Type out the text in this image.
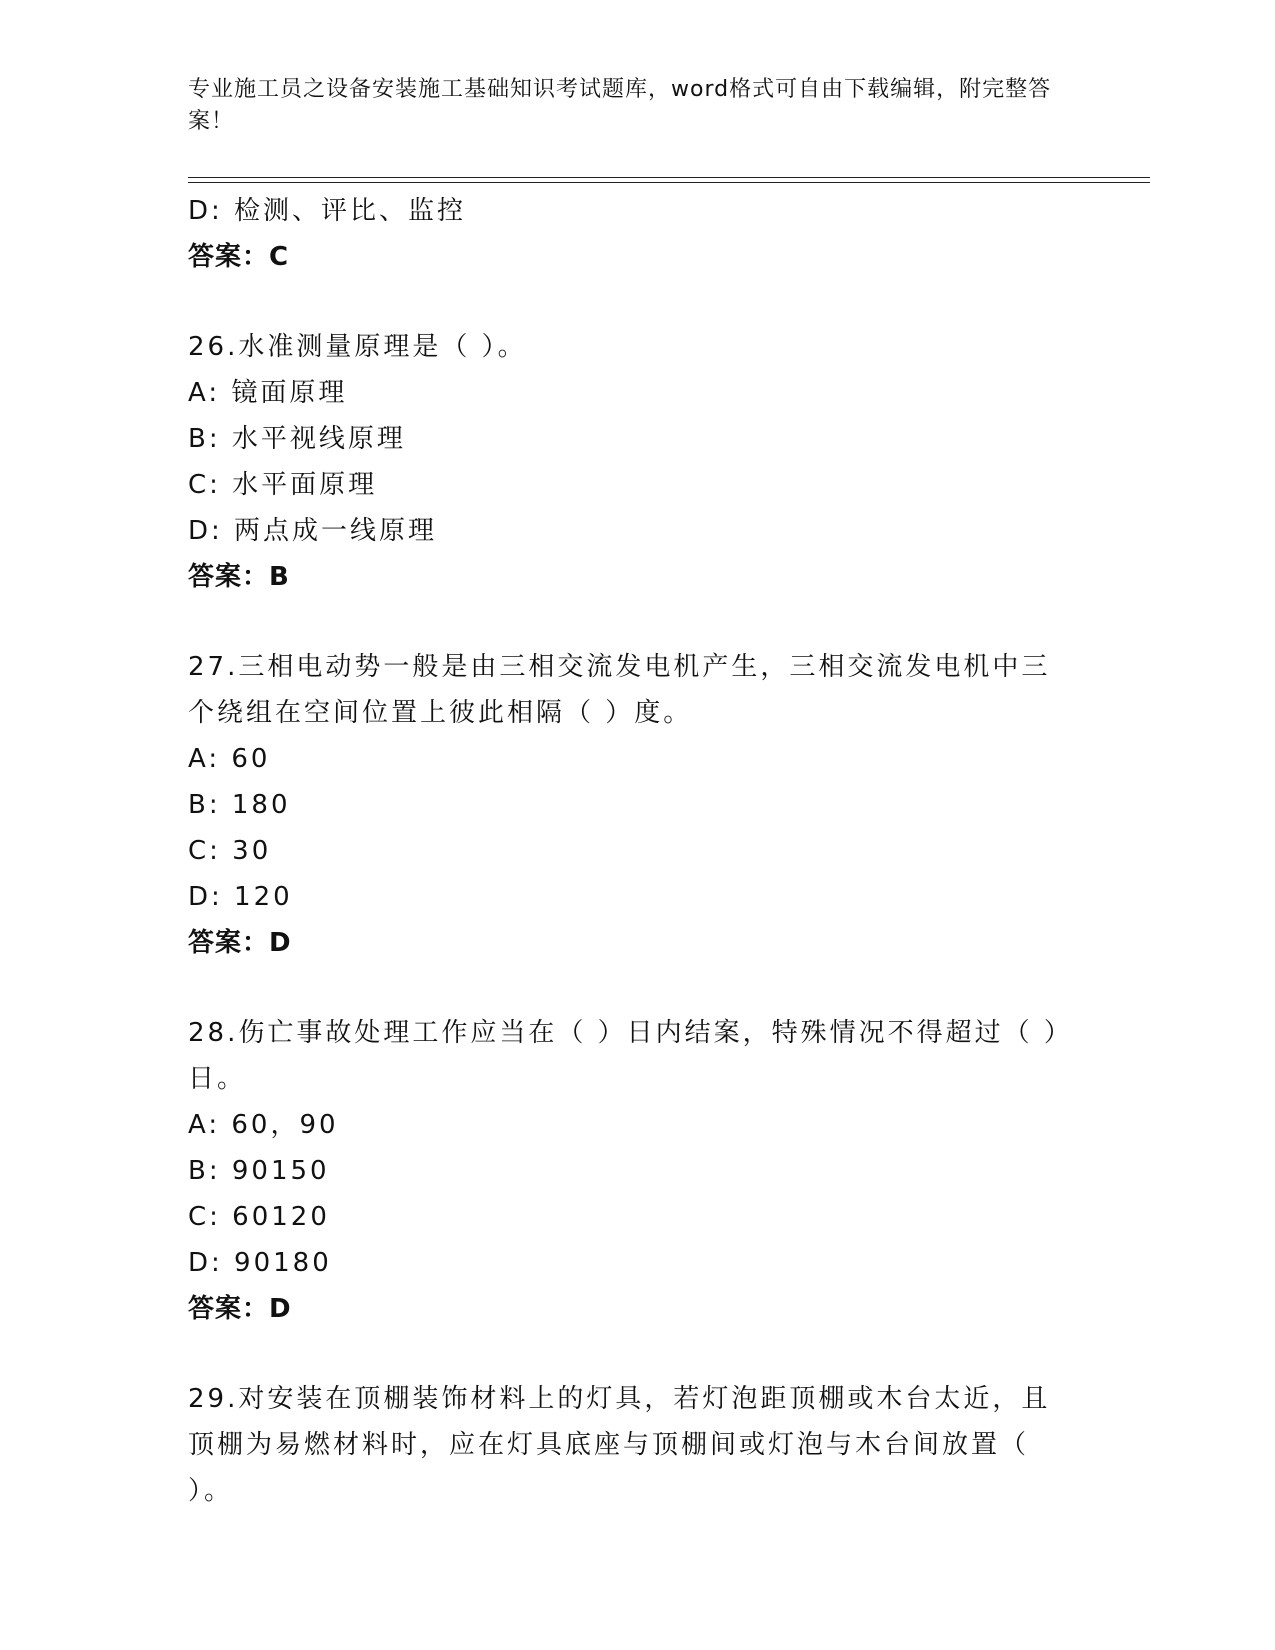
专业施工员之设备安装施工基础知识考试题库，word格式可自由下载编辑，附完整答案！
D: 检测、评比、监控
答案：C
26.水准测量原理是（ ）。
A: 镜面原理
B: 水平视线原理
C: 水平面原理
D: 两点成一线原理
答案：B
27.三相电动势一般是由三相交流发电机产生，三相交流发电机中三个绕组在空间位置上彼此相隔（ ）度。
A: 60
B: 180
C: 30
D: 120
答案：D
28.伤亡事故处理工作应当在（ ）日内结案，特殊情况不得超过（ ）日。
A: 60，90
B: 90150
C: 60120
D: 90180
答案：D
29.对安装在顶棚装饰材料上的灯具，若灯泡距顶棚或木台太近，且顶棚为易燃材料时，应在灯具底座与顶棚间或灯泡与木台间放置（ ）。
